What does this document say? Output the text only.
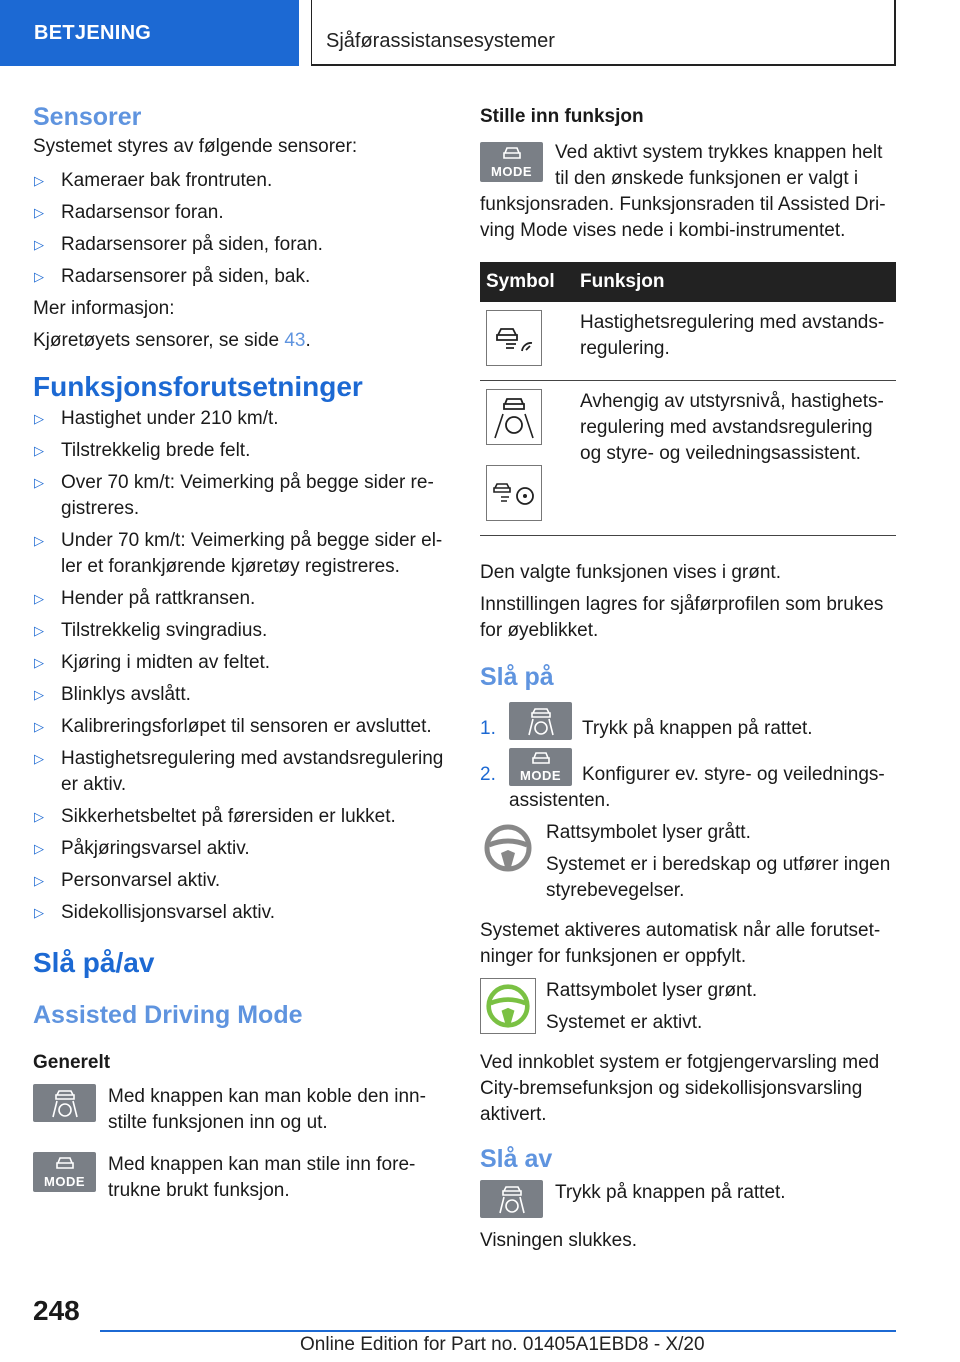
BETJENING	Sjåførassistansesystemer
Sensorer

Systemet styres av følgende sensorer:

▷ Kameraer bak frontruten.
▷ Radarsensor foran.
▷ Radarsensorer på siden, foran.
▷ Radarsensorer på siden, bak.

Mer informasjon:

Kjøretøyets sensorer, se side 43.

Funksjonsforutsetninger
▷ Hastighet under 210 km/t.
▷ Tilstrekkelig brede felt.
▷ Over 70 km/t: Veimerking på begge sider re-gistreres.
▷ Under 70 km/t: Veimerking på begge sider el-ler et forankjørende kjøretøy registreres.
▷ Hender på rattkransen.
▷ Tilstrekkelig svingradius.
▷ Kjøring i midten av feltet.
▷ Blinklys avslått.
▷ Kalibreringsforløpet til sensoren er avsluttet.
▷ Hastighetsregulering med avstandsregulering er aktiv.
▷ Sikkerhetsbeltet på førersiden er lukket.
▷ Påkjøringsvarsel aktiv.
▷ Personvarsel aktiv.
▷ Sidekollisjonsvarsel aktiv.
Slå på/av
Assisted Driving Mode
Generelt
Med knappen kan man koble den inn-stilte funksjonen inn og ut.
MODE
Med knappen kan man stile inn fore-trukne brukt funksjon.
Stille inn funksjon
MODE

Ved aktivt system trykkes knappen helt til den ønskede funksjonen er valgt i funksjonsraden. Funksjonsraden til Assisted Dri-ving Mode vises nede i kombi-instrumentet.

Symbol	Funksjon

	Hastighetsregulering med avstands-regulering.

	Avhengig av utstyrsnivå, hastighets-regulering med avstandsregulering og styre- og veiledningsassistent.

Den valgte funksjonen vises i grønt.

Innstillingen lagres for sjåførprofilen som brukes for øyeblikket.

Slå på
1.	Trykk på knappen på rattet.
2.	MODE	Konfigurer ev. styre- og veilednings-assistenten.

Rattsymbolet lyser grått.

Systemet er i beredskap og utfører ingen styrebevegelser.

Systemet aktiveres automatisk når alle forutset-ninger for funksjonen er oppfylt.

Rattsymbolet lyser grønt.

Systemet er aktivt.

Ved innkoblet system er fotgjengervarsling med City-bremsefunksjon og sidekollisjonsvarsling aktivert.

Slå av
Trykk på knappen på rattet.

Visningen slukkes.

248
Online Edition for Part no. 01405A1EBD8 - X/20
